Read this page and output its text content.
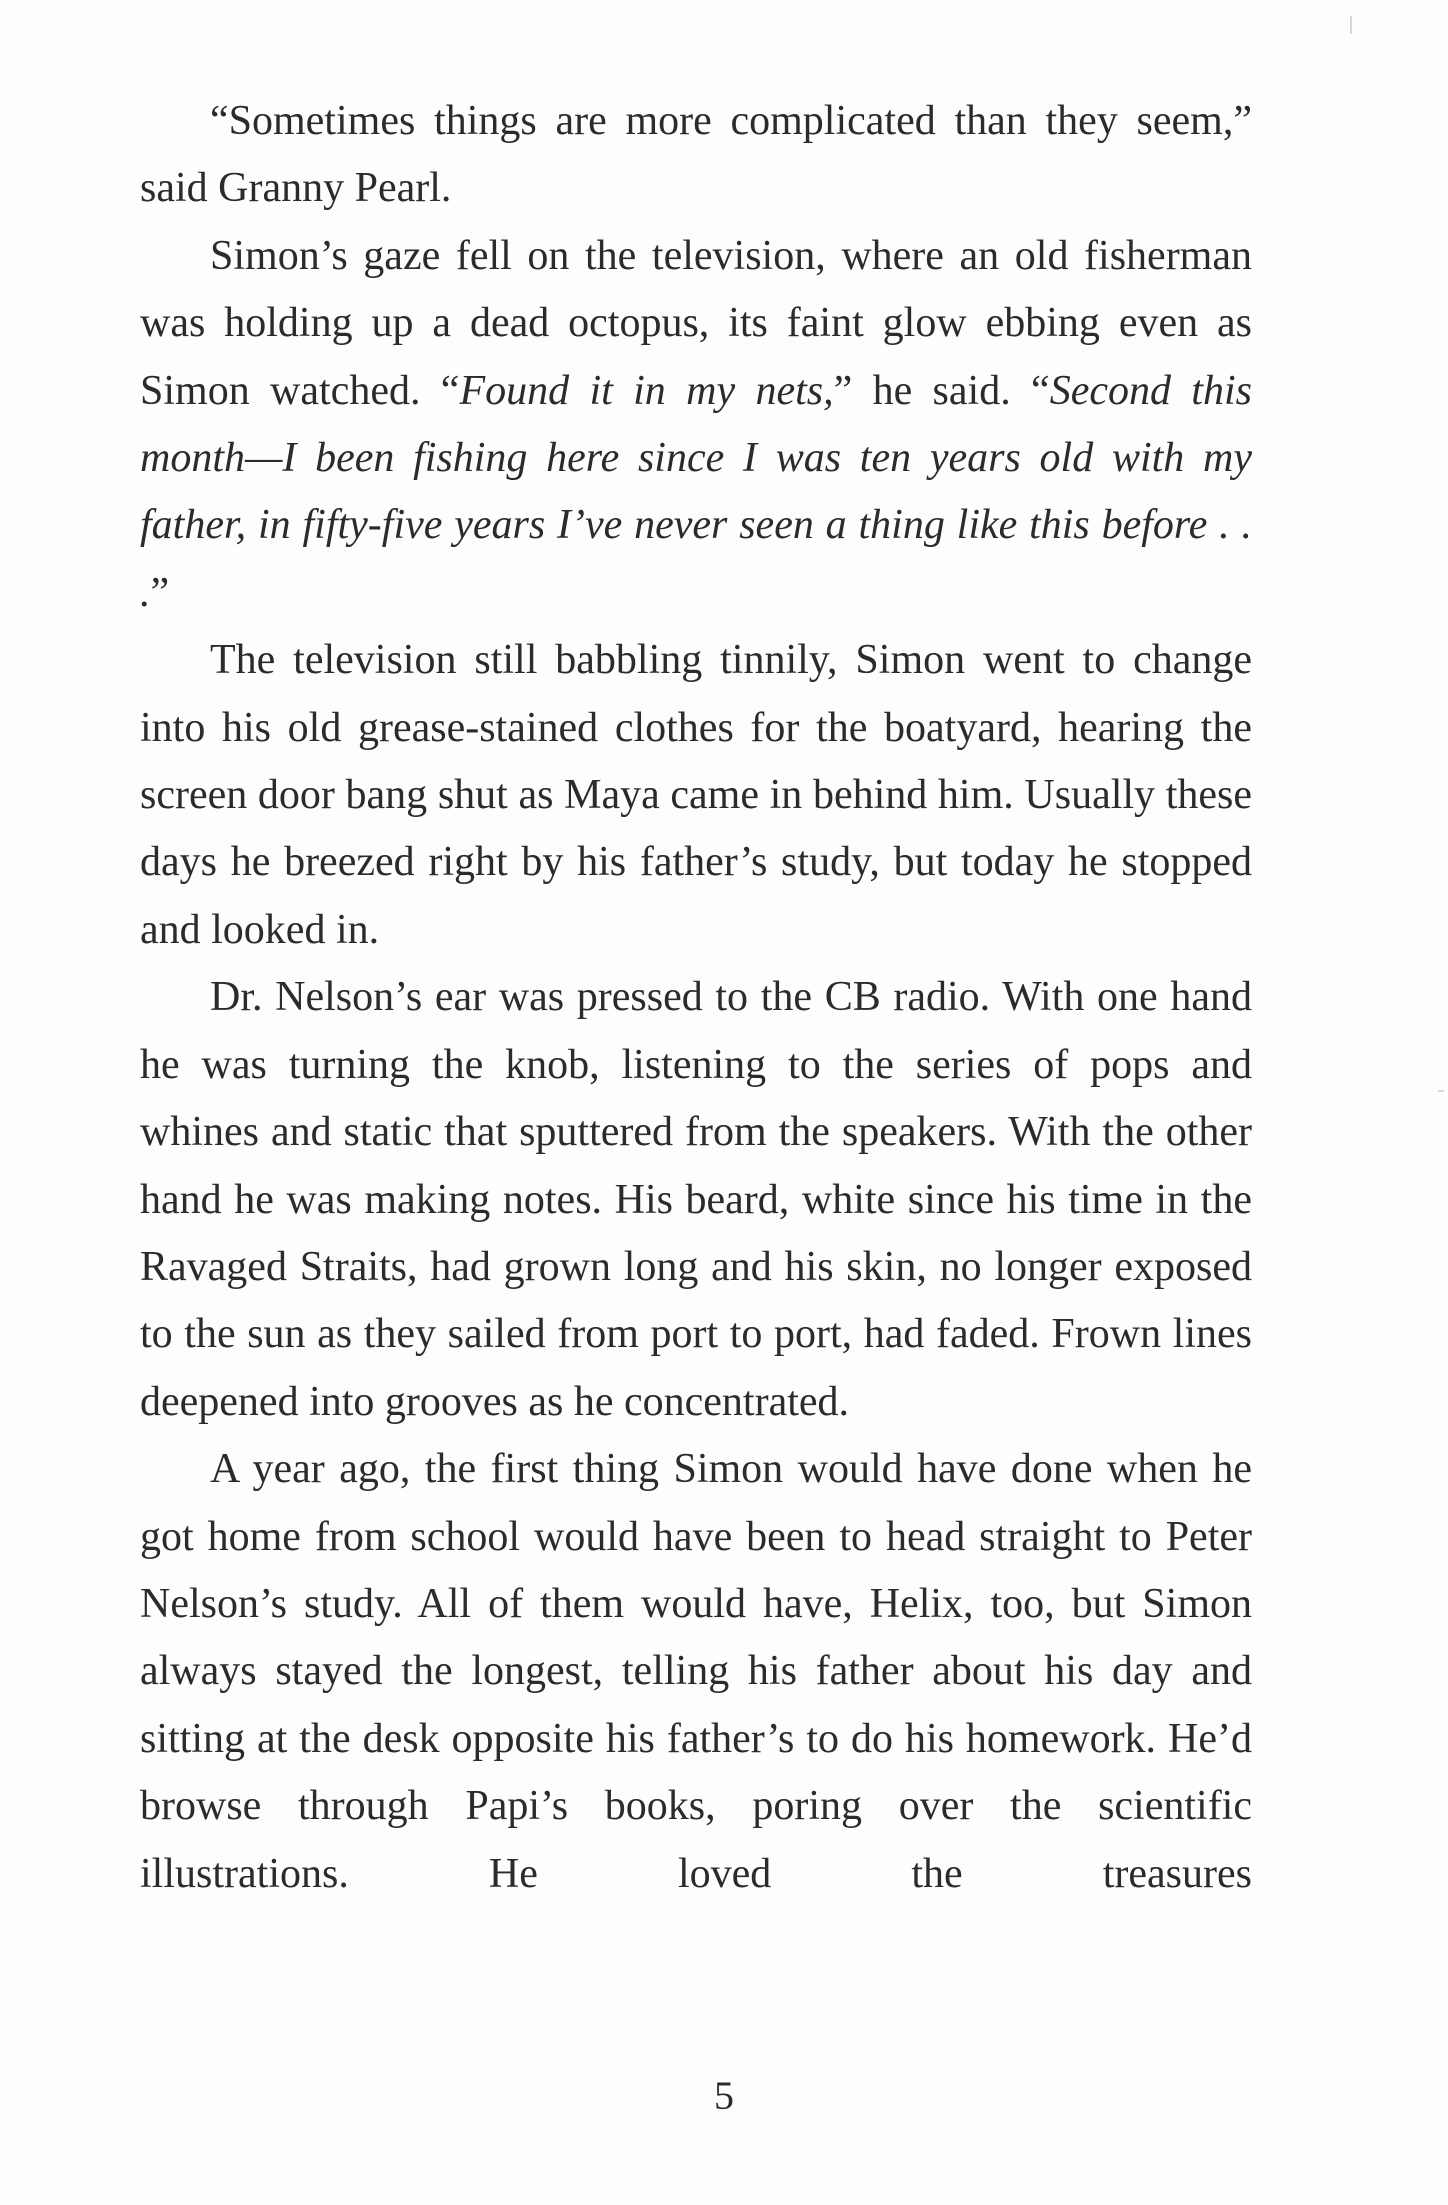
“Sometimes things are more complicated than they seem,” said Granny Pearl.

Simon’s gaze fell on the television, where an old fisherman was holding up a dead octopus, its faint glow ebbing even as Simon watched. “Found it in my nets,” he said. “Second this month—I been fishing here since I was ten years old with my father, in fifty-five years I’ve never seen a thing like this before . . .”

The television still babbling tinnily, Simon went to change into his old grease-stained clothes for the boatyard, hearing the screen door bang shut as Maya came in behind him. Usually these days he breezed right by his father’s study, but today he stopped and looked in.

Dr. Nelson’s ear was pressed to the CB radio. With one hand he was turning the knob, listening to the series of pops and whines and static that sputtered from the speakers. With the other hand he was making notes. His beard, white since his time in the Ravaged Straits, had grown long and his skin, no longer exposed to the sun as they sailed from port to port, had faded. Frown lines deepened into grooves as he concentrated.

A year ago, the first thing Simon would have done when he got home from school would have been to head straight to Peter Nelson’s study. All of them would have, Helix, too, but Simon always stayed the longest, telling his father about his day and sitting at the desk opposite his father’s to do his homework. He’d browse through Papi’s books, poring over the scientific illustrations. He loved the treasures

5
